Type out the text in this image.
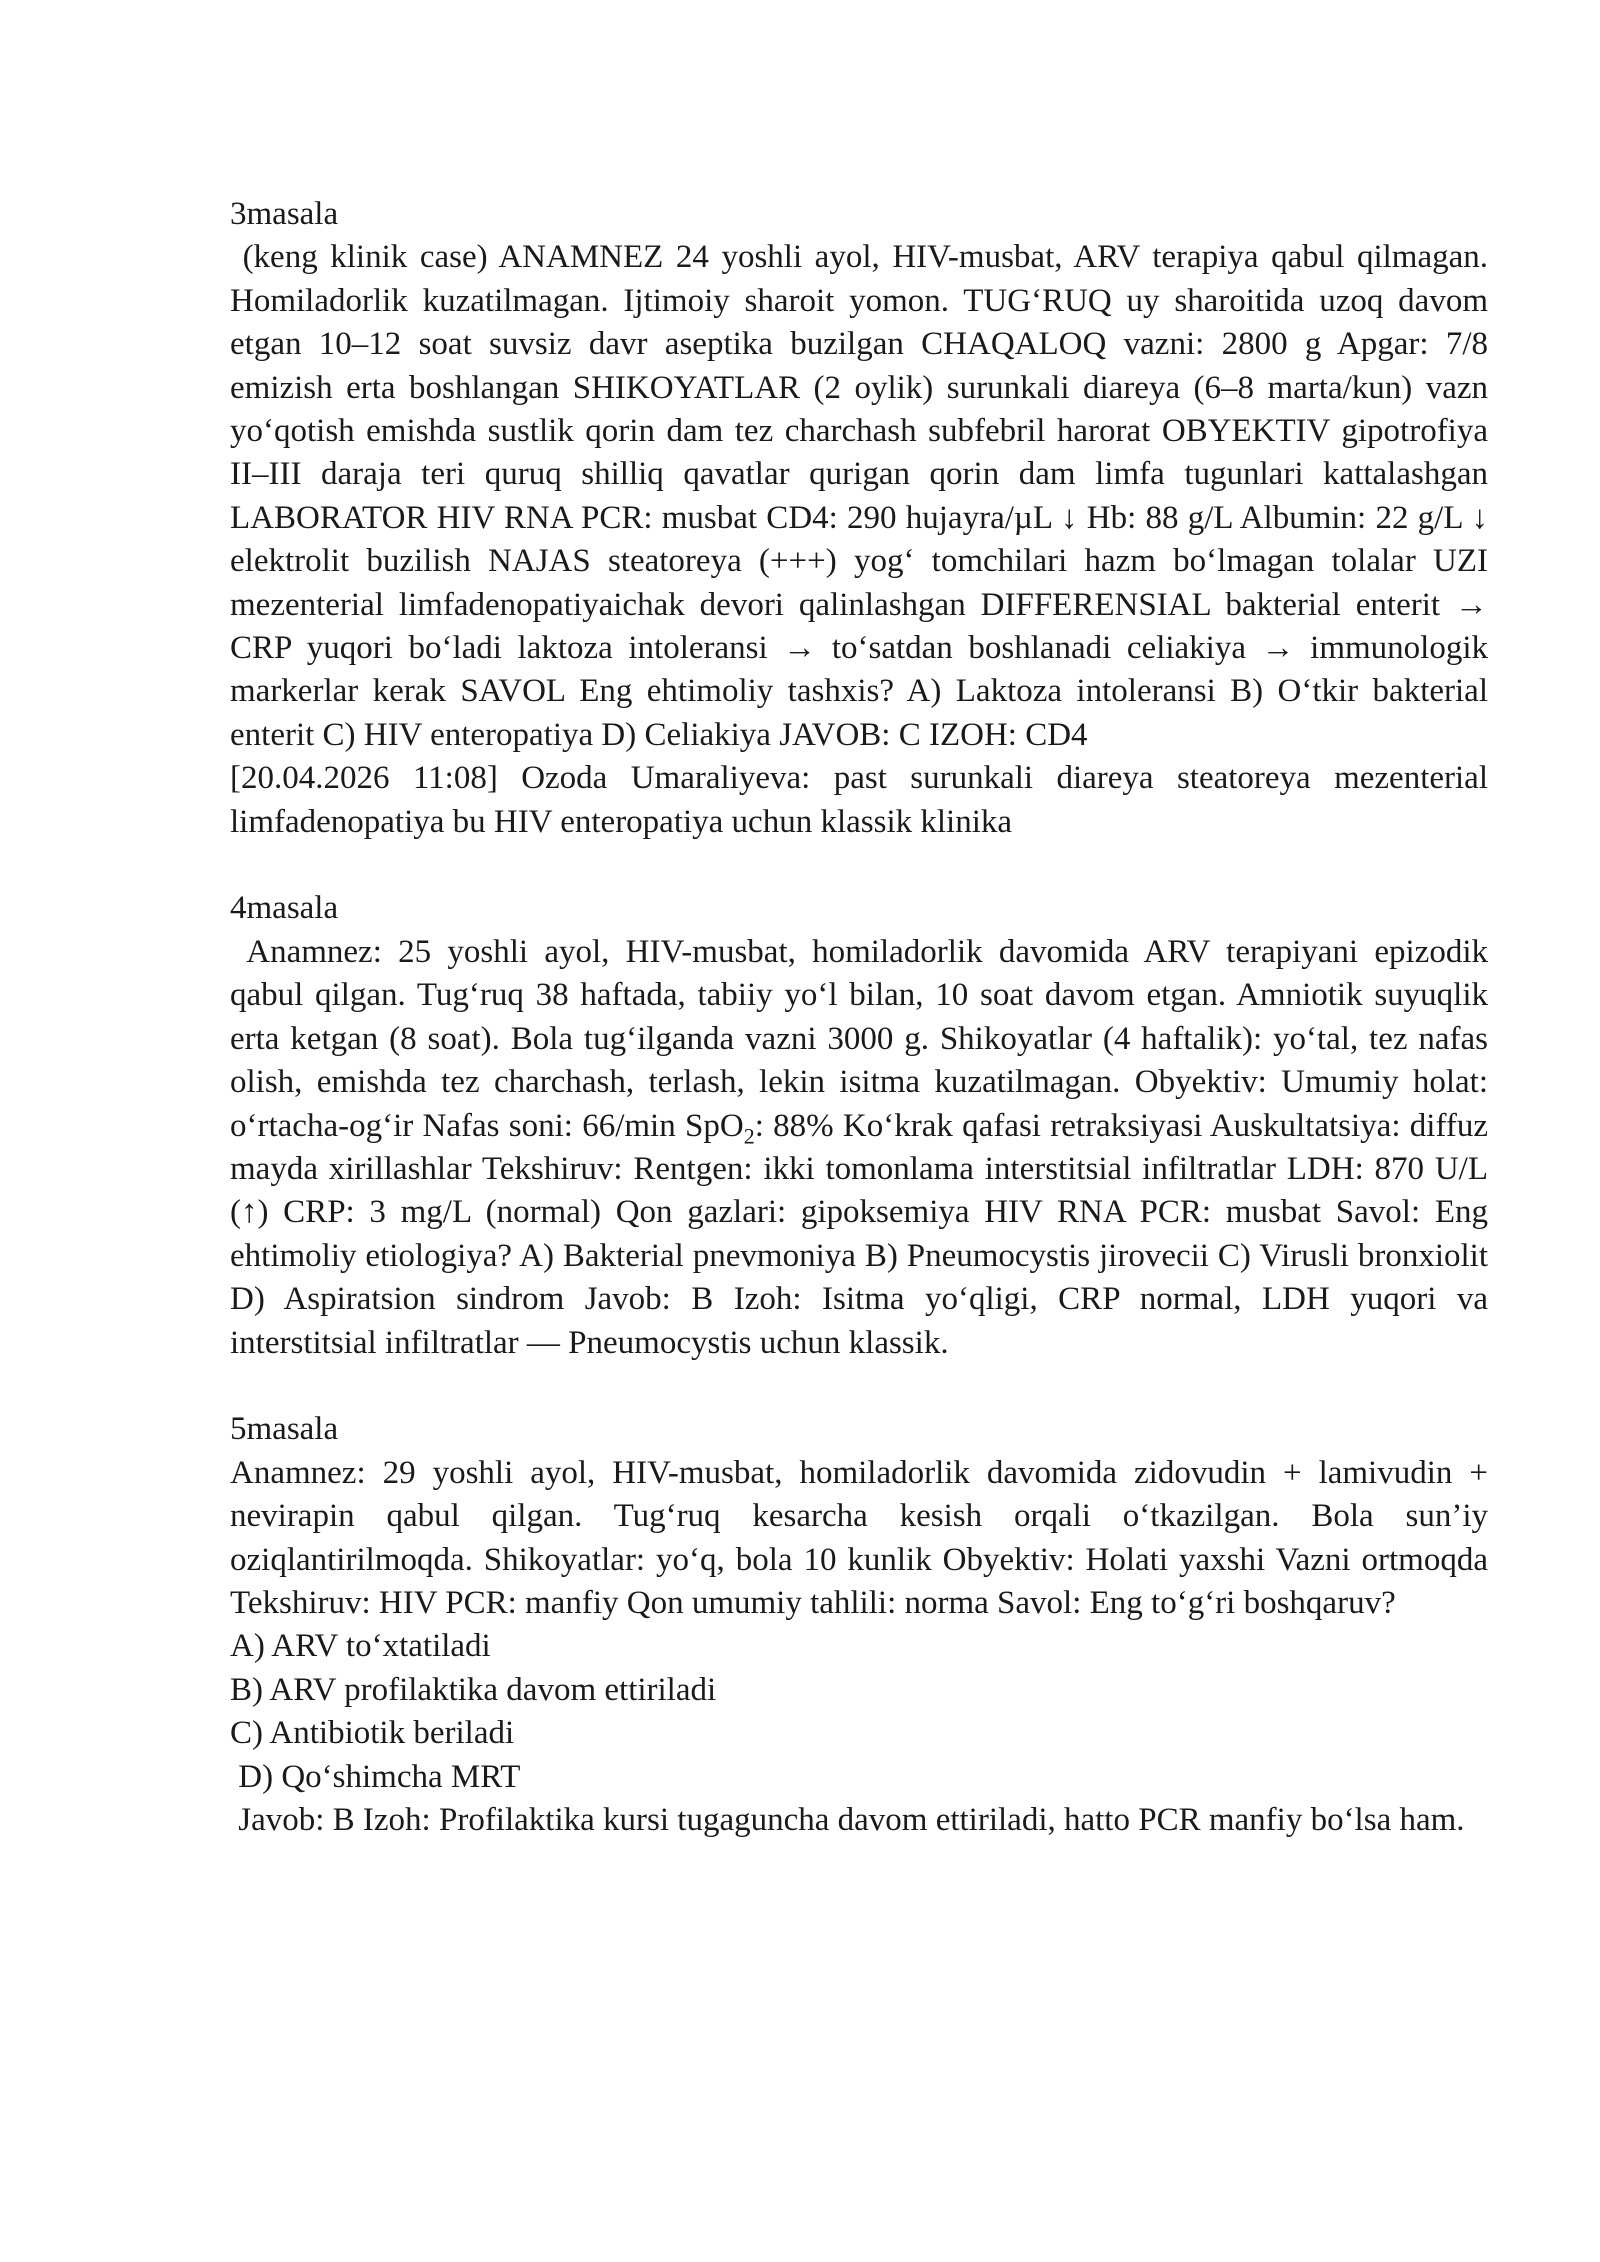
3masala

(keng klinik case) ANAMNEZ 24 yoshli ayol, HIV-musbat, ARV terapiya qabul qilmagan. Homiladorlik kuzatilmagan. Ijtimoiy sharoit yomon. TUG‘RUQ uy sharoitida uzoq davom etgan 10–12 soat suvsiz davr aseptika buzilgan CHAQALOQ vazni: 2800 g Apgar: 7/8 emizish erta boshlangan SHIKOYATLAR (2 oylik) surunkali diareya (6–8 marta/kun) vazn yo‘qotish emishda sustlik qorin dam tez charchash subfebril harorat OBYEKTIV gipotrofiya II–III daraja teri quruq shilliq qavatlar qurigan qorin dam limfa tugunlari kattalashgan LABORATOR HIV RNA PCR: musbat CD4: 290 hujayra/µL ↓ Hb: 88 g/L Albumin: 22 g/L ↓ elektrolit buzilish NAJAS steatoreya (+++) yog‘ tomchilari hazm bo‘lmagan tolalar UZI mezenterial limfadenopatiyaichak devori qalinlashgan DIFFERENSIAL bakterial enterit → CRP yuqori bo‘ladi laktoza intoleransi → to‘satdan boshlanadi celiakiya → immunologik markerlar kerak SAVOL Eng ehtimoliy tashxis? A) Laktoza intoleransi B) O‘tkir bakterial enterit C) HIV enteropatiya D) Celiakiya JAVOB: C IZOH: CD4

[20.04.2026 11:08] Ozoda Umaraliyeva: past surunkali diareya steatoreya mezenterial limfadenopatiya bu HIV enteropatiya uchun klassik klinika

4masala

Anamnez: 25 yoshli ayol, HIV-musbat, homiladorlik davomida ARV terapiyani epizodik qabul qilgan. Tug‘ruq 38 haftada, tabiiy yo‘l bilan, 10 soat davom etgan. Amniotik suyuqlik erta ketgan (8 soat). Bola tug‘ilganda vazni 3000 g. Shikoyatlar (4 haftalik): yo‘tal, tez nafas olish, emishda tez charchash, terlash, lekin isitma kuzatilmagan. Obyektiv: Umumiy holat: o‘rtacha-og‘ir Nafas soni: 66/min SpO$_2$: 88% Ko‘krak qafasi retraksiyasi Auskultatsiya: diffuz mayda xirillashlar Tekshiruv: Rentgen: ikki tomonlama interstitsial infiltratlar LDH: 870 U/L (↑) CRP: 3 mg/L (normal) Qon gazlari: gipoksemiya HIV RNA PCR: musbat Savol: Eng ehtimoliy etiologiya? A) Bakterial pnevmoniya B) Pneumocystis jirovecii C) Virusli bronxiolit D) Aspiratsion sindrom Javob: B Izoh: Isitma yo‘qligi, CRP normal, LDH yuqori va interstitsial infiltratlar — Pneumocystis uchun klassik.

5masala

Anamnez: 29 yoshli ayol, HIV-musbat, homiladorlik davomida zidovudin + lamivudin + nevirapin qabul qilgan. Tug‘ruq kesarcha kesish orqali o‘tkazilgan. Bola sun’iy oziqlantirilmoqda. Shikoyatlar: yo‘q, bola 10 kunlik Obyektiv: Holati yaxshi Vazni ortmoqda Tekshiruv: HIV PCR: manfiy Qon umumiy tahlili: norma Savol: Eng to‘g‘ri boshqaruv?

A) ARV to‘xtatiladi

B) ARV profilaktika davom ettiriladi

C) Antibiotik beriladi

D) Qo‘shimcha MRT

Javob: B Izoh: Profilaktika kursi tugaguncha davom ettiriladi, hatto PCR manfiy bo‘lsa ham.
